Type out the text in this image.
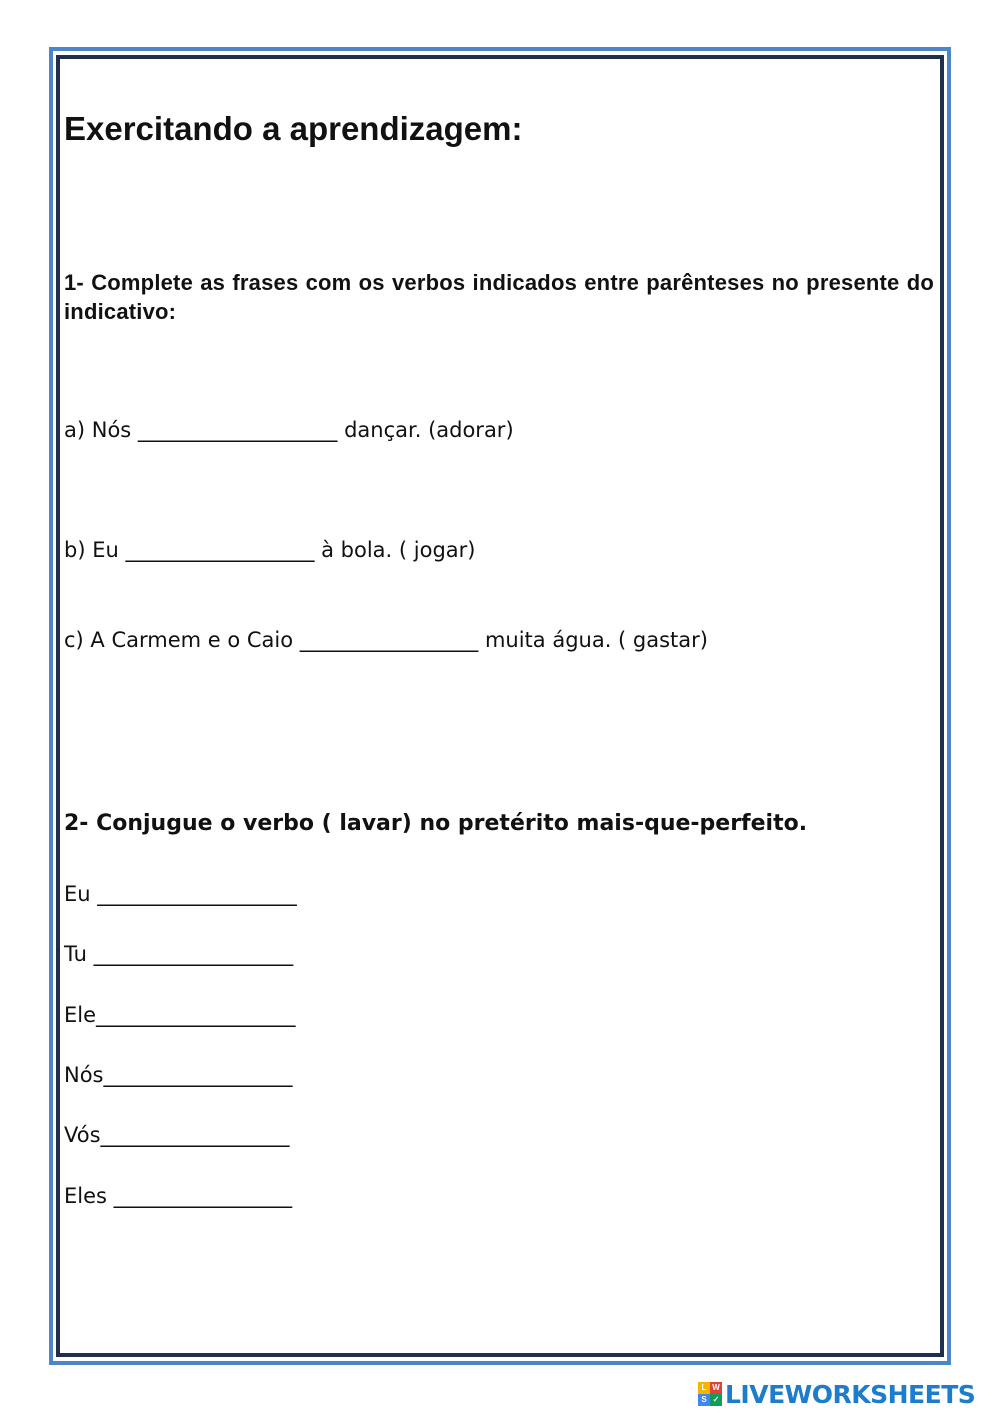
Exercitando a aprendizagem:

1- Complete as frases com os verbos indicados entre parênteses no presente do indicativo:

a) Nós ___________________ dançar. (adorar)

b) Eu __________________ à bola. ( jogar)

c) A Carmem e o Caio _________________ muita água. ( gastar)

2- Conjugue o verbo ( lavar) no pretérito mais-que-perfeito.

Eu ___________________

Tu ___________________

Ele___________________

Nós__________________

Vós__________________

Eles _________________

L W
S ✓ LIVEWORKSHEETS
